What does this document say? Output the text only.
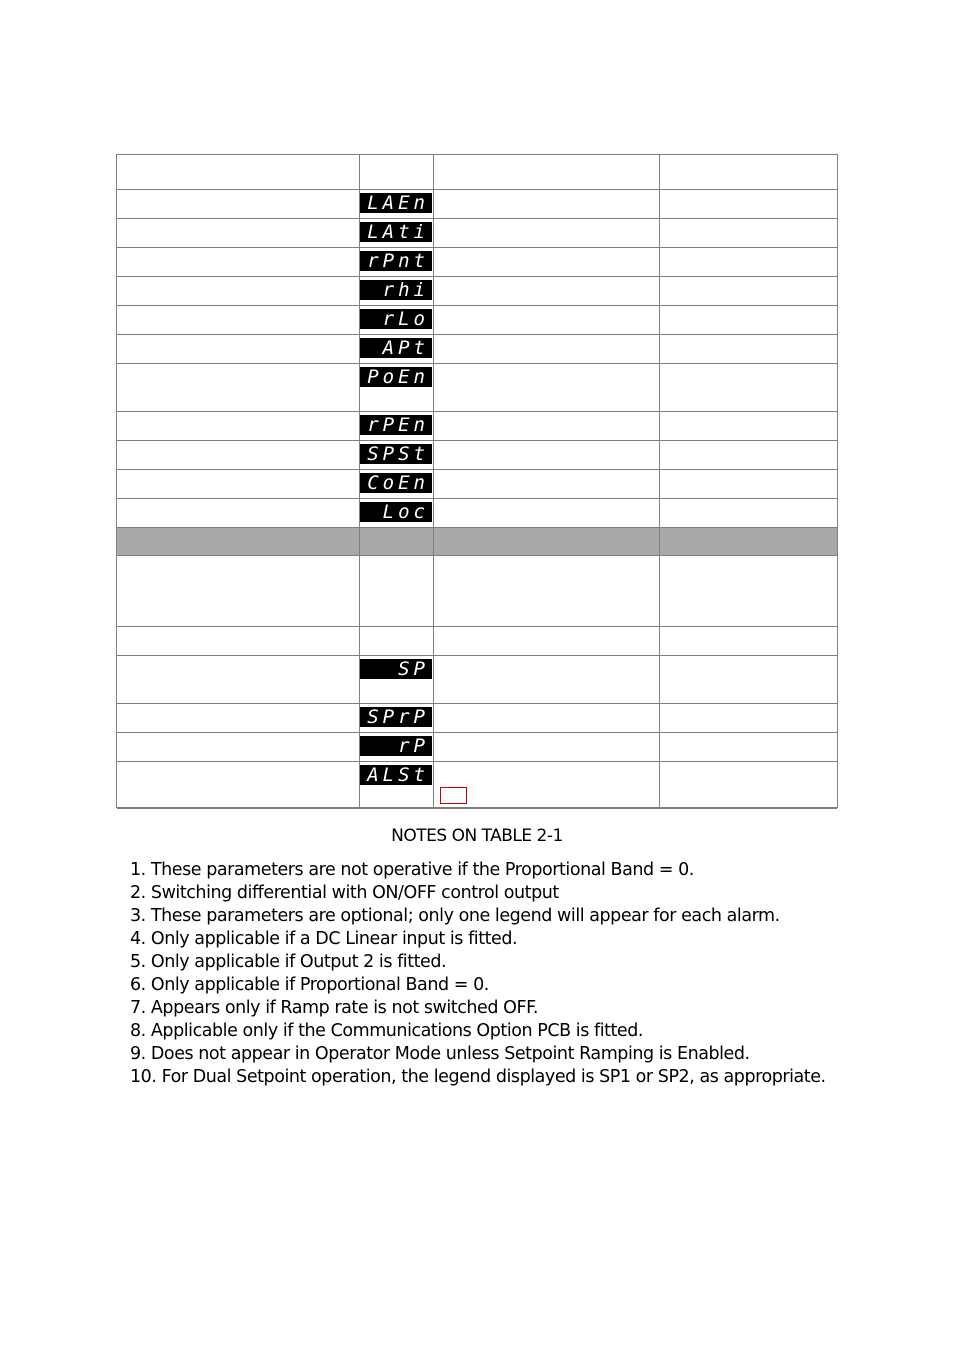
LAEn
LAti
rPnt
rhi
rLo
APt
PoEn
rPEn
SPSt
CoEn
Loc
SP
SPrP
rP
ALSt
NOTES ON TABLE 2-1
1. These parameters are not operative if the Proportional Band = 0.
2. Switching differential with ON/OFF control output
3. These parameters are optional; only one legend will appear for each alarm.
4. Only applicable if a DC Linear input is fitted.
5. Only applicable if Output 2 is fitted.
6. Only applicable if Proportional Band = 0.
7. Appears only if Ramp rate is not switched OFF.
8. Applicable only if the Communications Option PCB is fitted.
9. Does not appear in Operator Mode unless Setpoint Ramping is Enabled.
10. For Dual Setpoint operation, the legend displayed is SP1 or SP2, as appropriate.
